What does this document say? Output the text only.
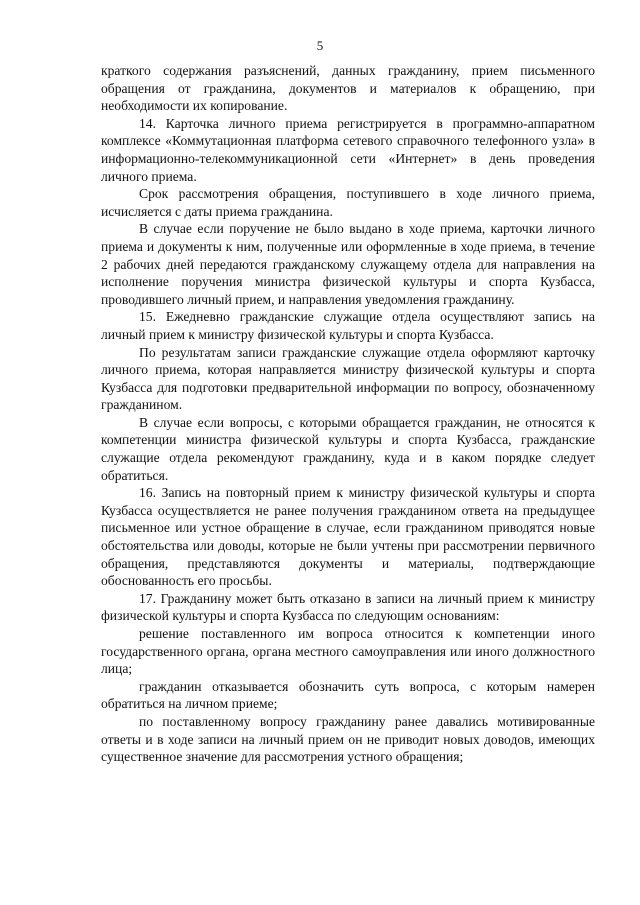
5

краткого содержания разъяснений, данных гражданину, прием письменного обращения от гражданина, документов и материалов к обращению, при необходимости их копирование.

14. Карточка личного приема регистрируется в программно-аппаратном комплексе «Коммутационная платформа сетевого справочного телефонного узла» в информационно-телекоммуникационной сети «Интернет» в день проведения личного приема.

Срок рассмотрения обращения, поступившего в ходе личного приема, исчисляется с даты приема гражданина.

В случае если поручение не было выдано в ходе приема, карточки личного приема и документы к ним, полученные или оформленные в ходе приема, в течение 2 рабочих дней передаются гражданскому служащему отдела для направления на исполнение поручения министра физической культуры и спорта Кузбасса, проводившего личный прием, и направления уведомления гражданину.

15. Ежедневно гражданские служащие отдела осуществляют запись на личный прием к министру физической культуры и спорта Кузбасса.

По результатам записи гражданские служащие отдела оформляют карточку личного приема, которая направляется министру физической культуры и спорта Кузбасса для подготовки предварительной информации по вопросу, обозначенному гражданином.

В случае если вопросы, с которыми обращается гражданин, не относятся к компетенции министра физической культуры и спорта Кузбасса, гражданские служащие отдела рекомендуют гражданину, куда и в каком порядке следует обратиться.

16. Запись на повторный прием к министру физической культуры и спорта Кузбасса осуществляется не ранее получения гражданином ответа на предыдущее письменное или устное обращение в случае, если гражданином приводятся новые обстоятельства или доводы, которые не были учтены при рассмотрении первичного обращения, представляются документы и материалы, подтверждающие обоснованность его просьбы.

17. Гражданину может быть отказано в записи на личный прием к министру физической культуры и спорта Кузбасса по следующим основаниям:

решение поставленного им вопроса относится к компетенции иного государственного органа, органа местного самоуправления или иного должностного лица;

гражданин отказывается обозначить суть вопроса, с которым намерен обратиться на личном приеме;

по поставленному вопросу гражданину ранее давались мотивированные ответы и в ходе записи на личный прием он не приводит новых доводов, имеющих существенное значение для рассмотрения устного обращения;
